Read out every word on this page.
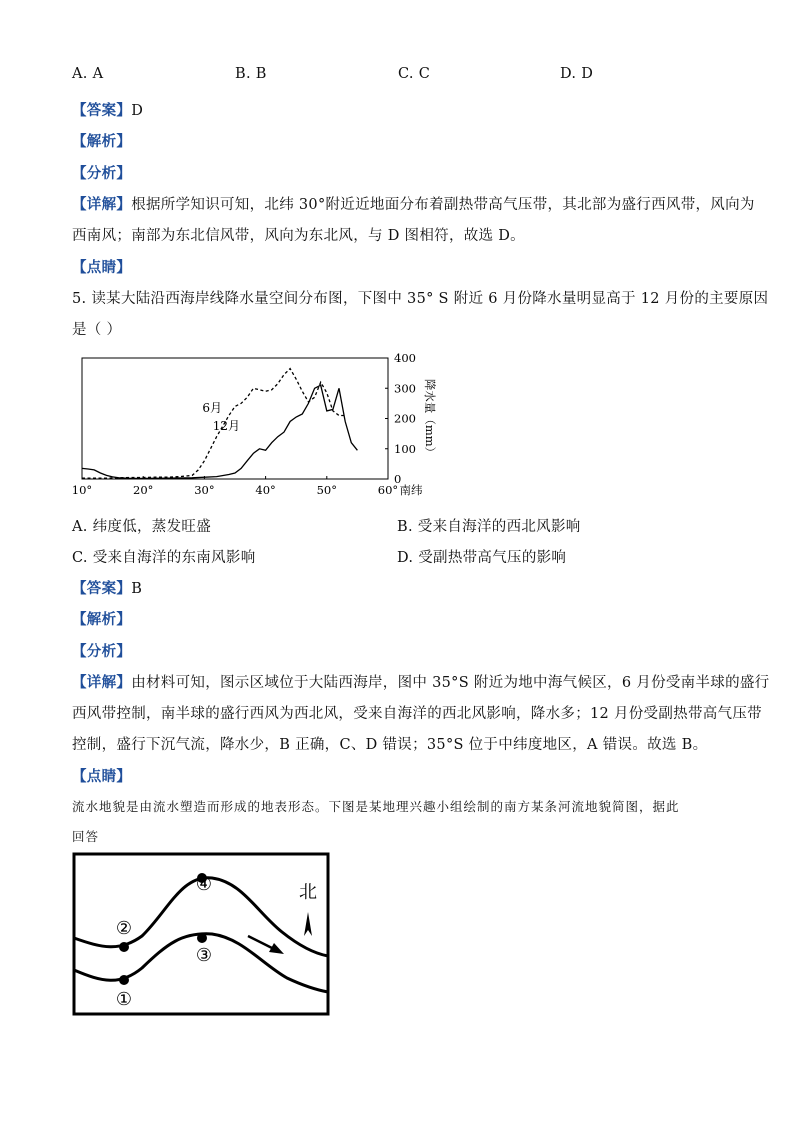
A. A	B. B	C. C	D. D
【答案】D
【解析】
【分析】
【详解】根据所学知识可知，北纬 30°附近近地面分布着副热带高气压带，其北部为盛行西风带，风向为
西南风；南部为东北信风带，风向为东北风，与 D 图相符，故选 D。
【点睛】
5. 读某大陆沿西海岸线降水量空间分布图，下图中 35° S 附近 6 月份降水量明显高于 12 月份的主要原因
是（ ）
10°	20°	30°	40°	50°	60° 南纬
0
100
200
300
400
降水量（mm）
6月
12月
A. 纬度低，蒸发旺盛	B. 受来自海洋的西北风影响
C. 受来自海洋的东南风影响	D. 受副热带高气压的影响
【答案】B
【解析】
【分析】
【详解】由材料可知，图示区域位于大陆西海岸，图中 35°S 附近为地中海气候区，6 月份受南半球的盛行
西风带控制，南半球的盛行西风为西北风，受来自海洋的西北风影响，降水多；12 月份受副热带高气压带
控制，盛行下沉气流，降水少，B 正确，C、D 错误；35°S 位于中纬度地区，A 错误。故选 B。
【点睛】
流水地貌是由流水塑造而形成的地表形态。下图是某地理兴趣小组绘制的南方某条河流地貌简图，据此
回答
②
④
③
①
北
